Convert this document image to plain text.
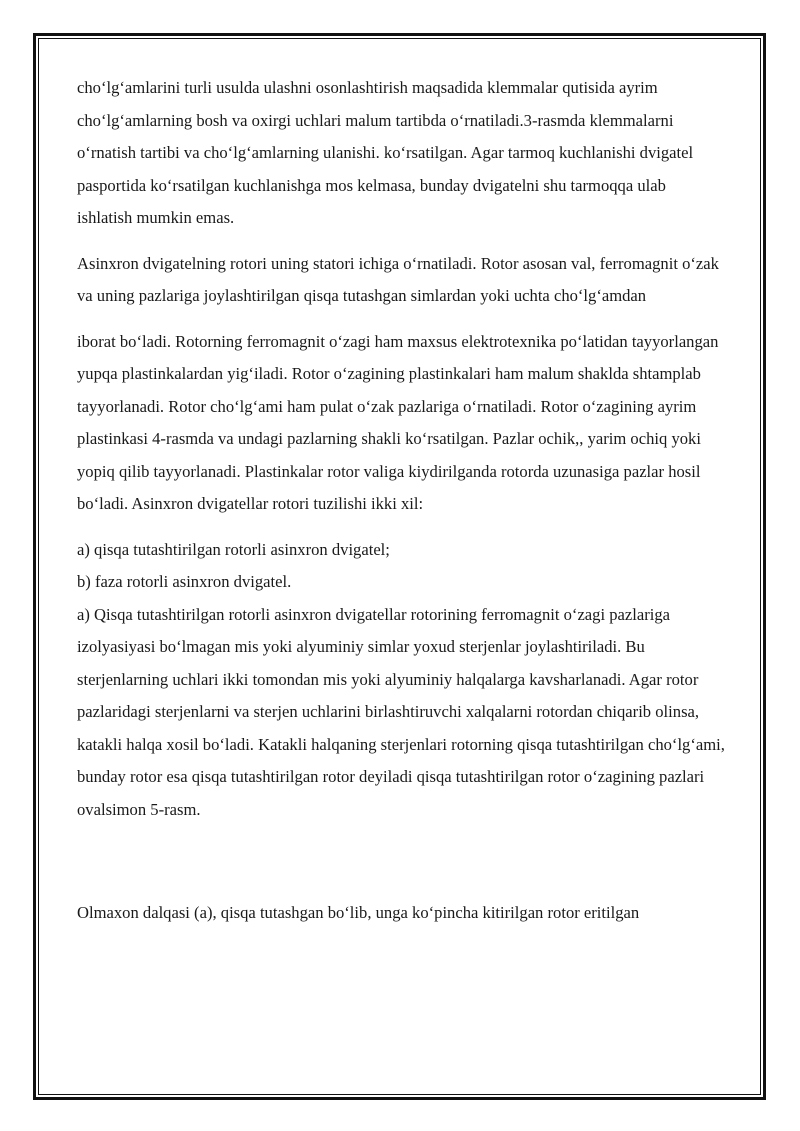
cho‘lg‘amlarini turli usulda ulashni osonlashtirish maqsadida klemmalar qutisida ayrim cho‘lg‘amlarning bosh va oxirgi uchlari malum tartibda o‘rnatiladi.3-rasmda klemmalarni o‘rnatish tartibi va cho‘lg‘amlarning ulanishi. ko‘rsatilgan. Agar tarmoq kuchlanishi dvigatel pasportida ko‘rsatilgan kuchlanishga mos kelmasa, bunday dvigatelni shu tarmoqqa ulab ishlatish mumkin emas.

Asinxron dvigatelning rotori uning statori ichiga o‘rnatiladi. Rotor asosan val, ferromagnit o‘zak va uning pazlariga joylashtirilgan qisqa tutashgan simlardan yoki uchta cho‘lg‘amdan

iborat bo‘ladi. Rotorning ferromagnit o‘zagi ham maxsus elektrotexnika po‘latidan tayyorlangan yupqa plastinkalardan yig‘iladi. Rotor o‘zagining plastinkalari ham malum shaklda shtamplab tayyorlanadi. Rotor cho‘lg‘ami ham pulat o‘zak pazlariga o‘rnatiladi. Rotor o‘zagining ayrim plastinkasi 4-rasmda va undagi pazlarning shakli ko‘rsatilgan. Pazlar ochik,, yarim ochiq yoki yopiq qilib tayyorlanadi. Plastinkalar rotor valiga kiydirilganda rotorda uzunasiga pazlar hosil bo‘ladi. Asinxron dvigatellar rotori tuzilishi ikki xil:

a) qisqa tutashtirilgan rotorli asinxron dvigatel;

b) faza rotorli asinxron dvigatel.

a) Qisqa tutashtirilgan rotorli asinxron dvigatellar rotorining ferromagnit o‘zagi pazlariga izolyasiyasi bo‘lmagan mis yoki alyuminiy simlar yoxud sterjenlar joylashtiriladi. Bu sterjenlarning uchlari ikki tomondan mis yoki alyuminiy halqalarga kavsharlanadi. Agar rotor pazlaridagi sterjenlarni va sterjen uchlarini birlashtiruvchi xalqalarni rotordan chiqarib olinsa, katakli halqa xosil bo‘ladi. Katakli halqaning sterjenlari rotorning qisqa tutashtirilgan cho‘lg‘ami, bunday rotor esa qisqa tutashtirilgan rotor deyiladi qisqa tutashtirilgan rotor o‘zagining pazlari ovalsimon 5-rasm.

Olmaxon dalqasi (a), qisqa tutashgan bo‘lib, unga ko‘pincha kitirilgan rotor eritilgan
